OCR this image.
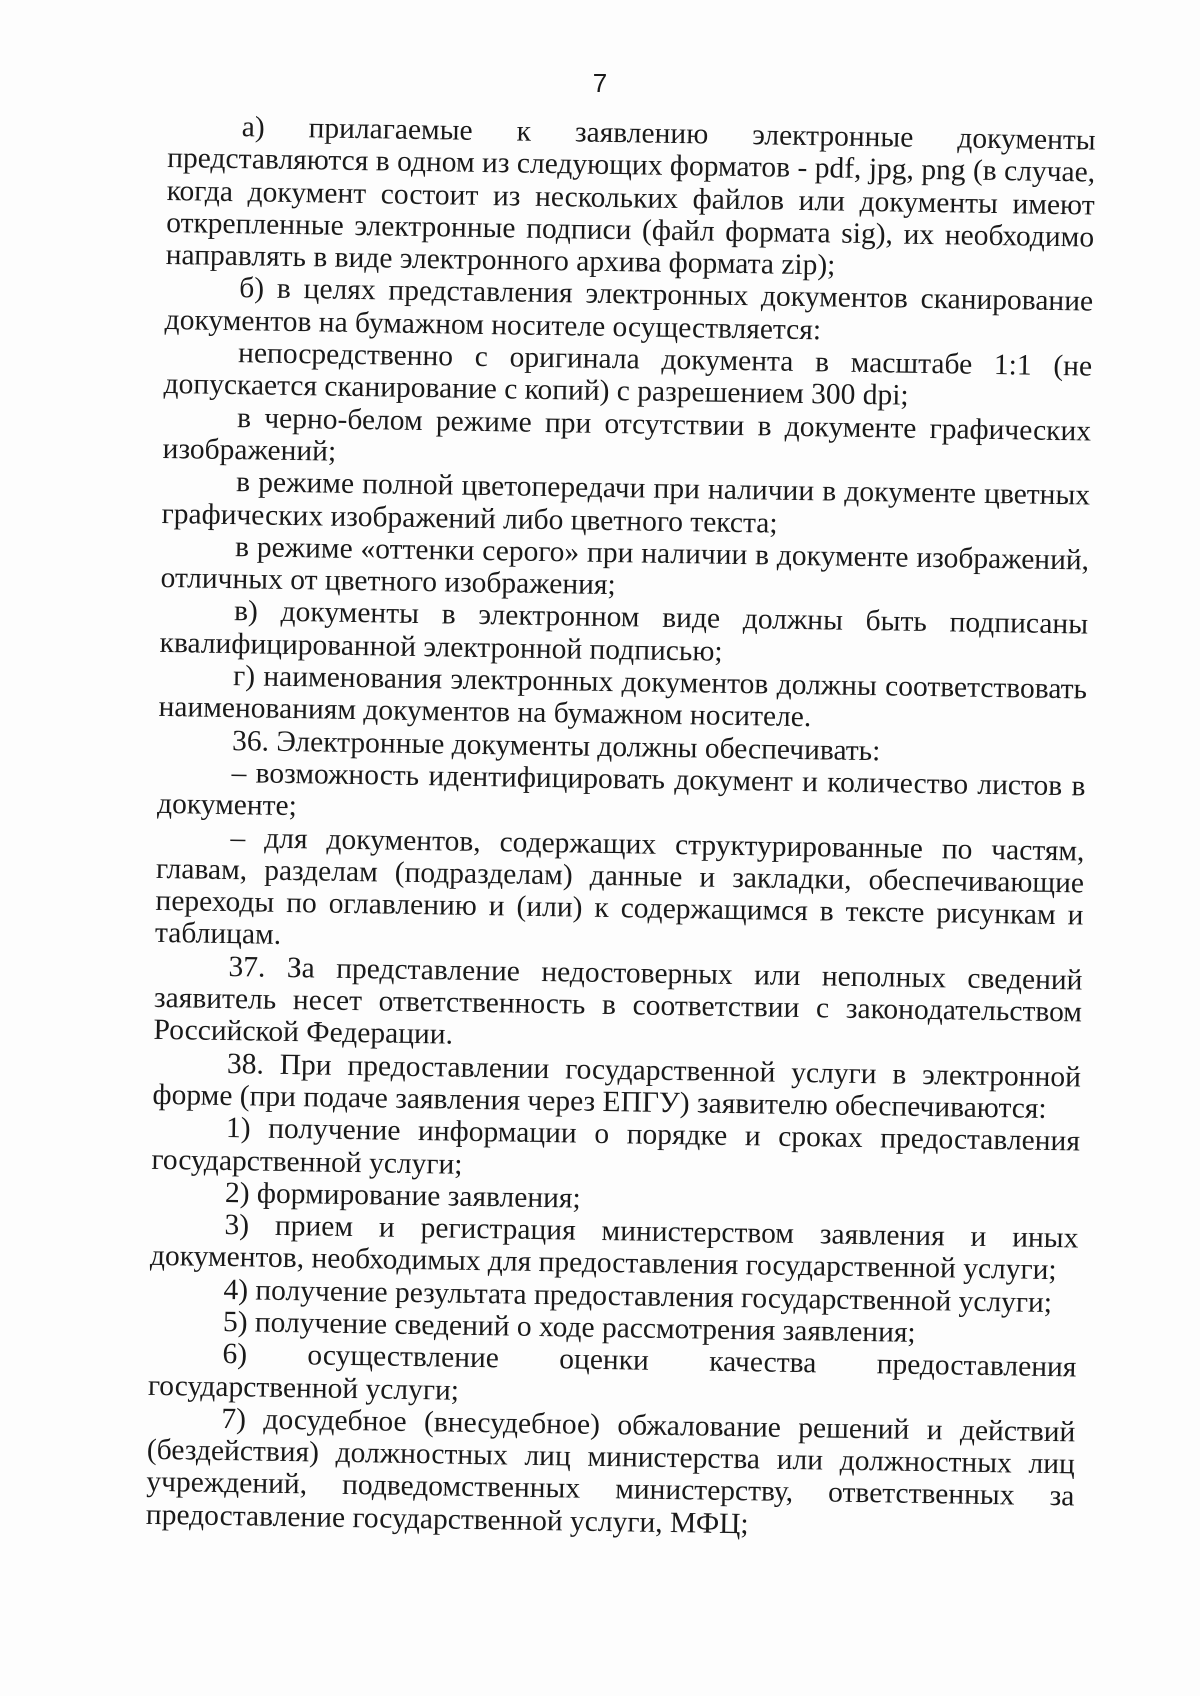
7

а) прилагаемые к заявлению электронные документы представляются в одном из следующих форматов - pdf, jpg, png (в случае, когда документ состоит из нескольких файлов или документы имеют открепленные электронные подписи (файл формата sig), их необходимо направлять в виде электронного архива формата zip);

б) в целях представления электронных документов сканирование документов на бумажном носителе осуществляется:

непосредственно с оригинала документа в масштабе 1:1 (не допускается сканирование с копий) с разрешением 300 dpi;

в черно-белом режиме при отсутствии в документе графических изображений;

в режиме полной цветопередачи при наличии в документе цветных графических изображений либо цветного текста;

в режиме «оттенки серого» при наличии в документе изображений, отличных от цветного изображения;

в) документы в электронном виде должны быть подписаны квалифицированной электронной подписью;

г) наименования электронных документов должны соответствовать наименованиям документов на бумажном носителе.

36. Электронные документы должны обеспечивать:

– возможность идентифицировать документ и количество листов в документе;

– для документов, содержащих структурированные по частям, главам, разделам (подразделам) данные и закладки, обеспечивающие переходы по оглавлению и (или) к содержащимся в тексте рисункам и таблицам.

37. За представление недостоверных или неполных сведений заявитель несет ответственность в соответствии с законодательством Российской Федерации.

38. При предоставлении государственной услуги в электронной форме (при подаче заявления через ЕПГУ) заявителю обеспечиваются:

1) получение информации о порядке и сроках предоставления государственной услуги;

2) формирование заявления;

3) прием и регистрация министерством заявления и иных документов, необходимых для предоставления государственной услуги;

4) получение результата предоставления государственной услуги;

5) получение сведений о ходе рассмотрения заявления;

6) осуществление оценки качества предоставления государственной услуги;

7) досудебное (внесудебное) обжалование решений и действий (бездействия) должностных лиц министерства или должностных лиц учреждений, подведомственных министерству, ответственных за предоставление государственной услуги, МФЦ;
